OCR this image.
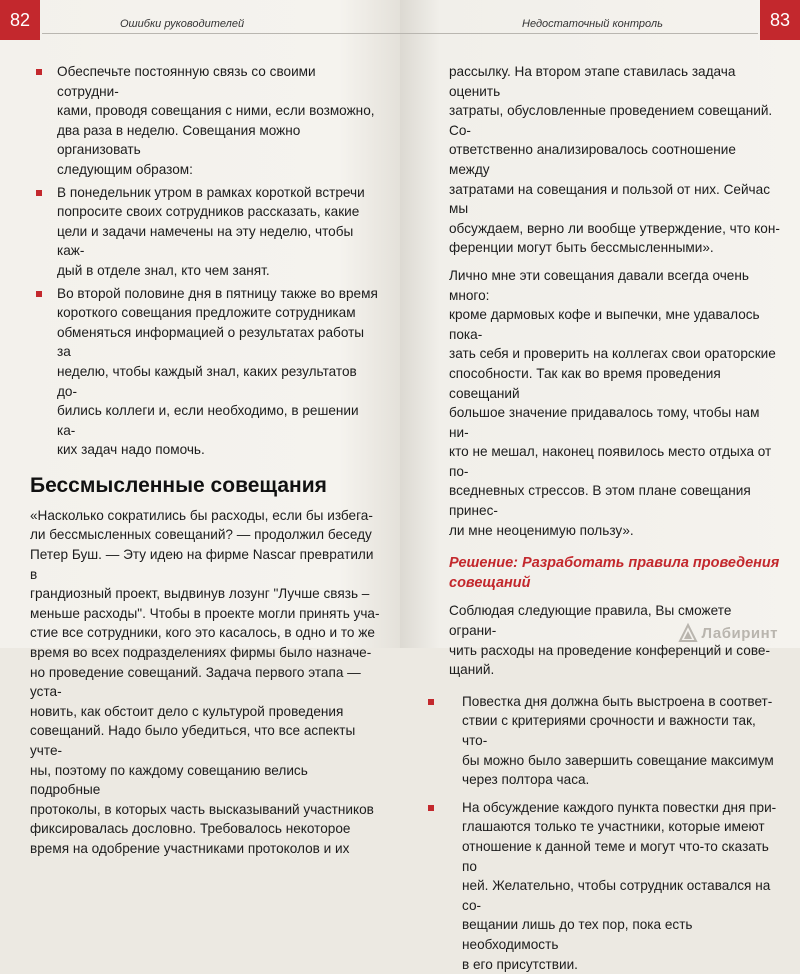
82	Ошибки руководителей
Обеспечьте постоянную связь со своими сотрудни-
ками, проводя совещания с ними, если возможно,
два раза в неделю. Совещания можно организовать
следующим образом:
В понедельник утром в рамках короткой встречи
попросите своих сотрудников рассказать, какие
цели и задачи намечены на эту неделю, чтобы каж-
дый в отделе знал, кто чем занят.
Во второй половине дня в пятницу также во время
короткого совещания предложите сотрудникам
обменяться информацией о результатах работы за
неделю, чтобы каждый знал, каких результатов до-
бились коллеги и, если необходимо, в решении ка-
ких задач надо помочь.
Бессмысленные совещания
«Насколько сократились бы расходы, если бы избега-
ли бессмысленных совещаний? — продолжил беседу
Петер Буш. — Эту идею на фирме Nascar превратили в
грандиозный проект, выдвинув лозунг "Лучше связь –
меньше расходы". Чтобы в проекте могли принять уча-
стие все сотрудники, кого это касалось, в одно и то же
время во всех подразделениях фирмы было назначе-
но проведение совещаний. Задача первого этапа — уста-
новить, как обстоит дело с культурой проведения
совещаний. Надо было убедиться, что все аспекты учте-
ны, поэтому по каждому совещанию велись подробные
протоколы, в которых часть высказываний участников
фиксировалась дословно. Требовалось некоторое
время на одобрение участниками протоколов и их
83
Недостаточный контроль
рассылку. На втором этапе ставилась задача оценить
затраты, обусловленные проведением совещаний. Со-
ответственно анализировалось соотношение между
затратами на совещания и пользой от них. Сейчас мы
обсуждаем, верно ли вообще утверждение, что кон-
ференции могут быть бессмысленными».
Лично мне эти совещания давали всегда очень много:
кроме дармовых кофе и выпечки, мне удавалось пока-
зать себя и проверить на коллегах свои ораторские
способности. Так как во время проведения совещаний
большое значение придавалось тому, чтобы нам ни-
кто не мешал, наконец появилось место отдыха от по-
вседневных стрессов. В этом плане совещания принес-
ли мне неоценимую пользу».
Решение: Разработать правила проведения
совещаний
Соблюдая следующие правила, Вы сможете ограни-
чить расходы на проведение конференций и сове-
щаний.
Повестка дня должна быть выстроена в соответ-
ствии с критериями срочности и важности так, что-
бы можно было завершить совещание максимум
через полтора часа.
На обсуждение каждого пункта повестки дня при-
глашаются только те участники, которые имеют
отношение к данной теме и могут что-то сказать по
ней. Желательно, чтобы сотрудник оставался на со-
вещании лишь до тех пор, пока есть необходимость
в его присутствии.
Лабиринт
